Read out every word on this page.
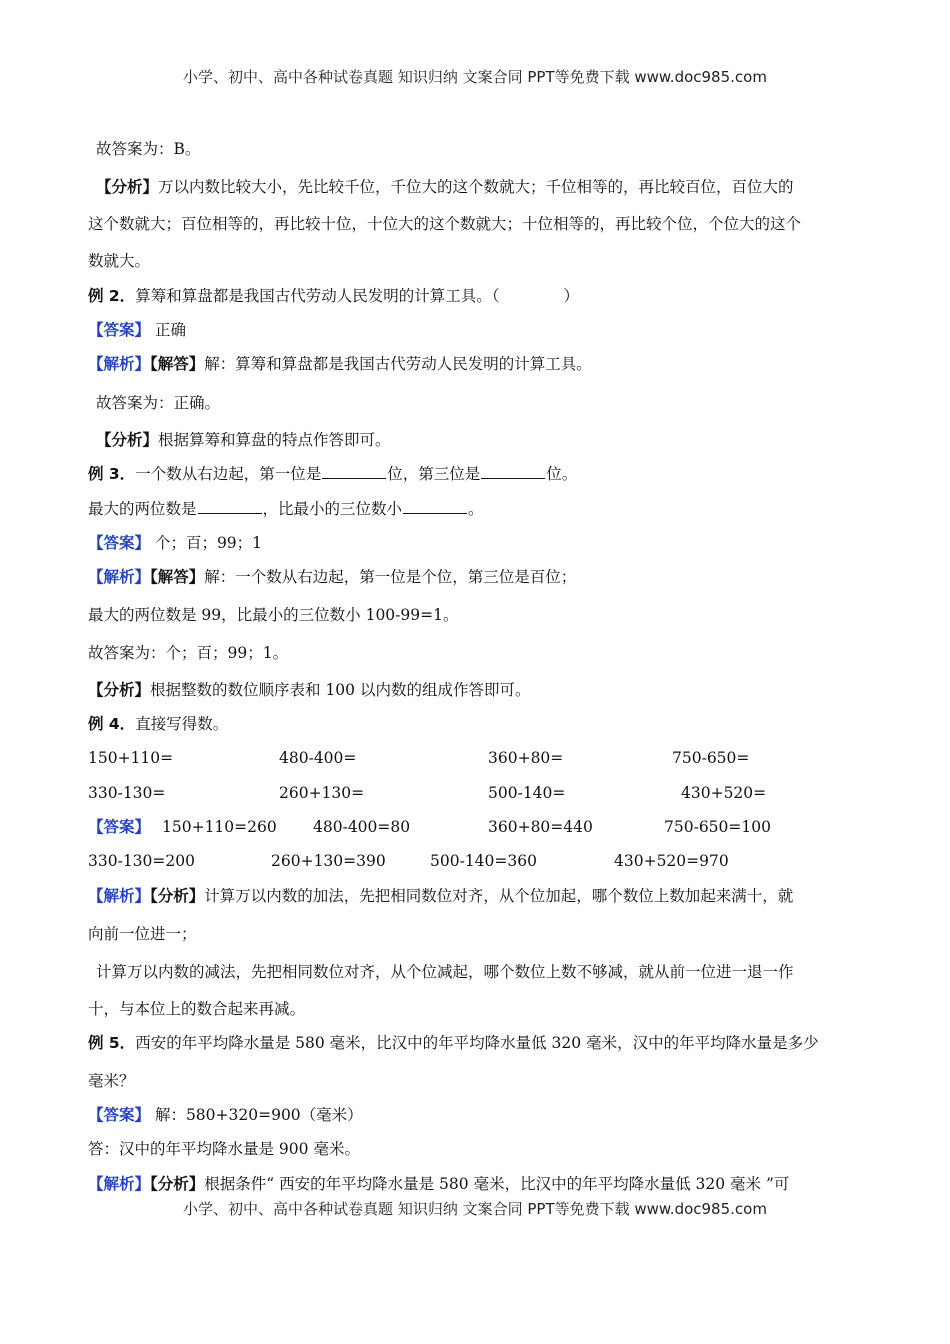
小学、初中、高中各种试卷真题 知识归纳 文案合同 PPT等免费下载 www.doc985.com
故答案为：B。
【分析】万以内数比较大小，先比较千位，千位大的这个数就大；千位相等的，再比较百位，百位大的
这个数就大；百位相等的，再比较十位，十位大的这个数就大；十位相等的，再比较个位，个位大的这个
数就大。
例 2．算筹和算盘都是我国古代劳动人民发明的计算工具。（	）
【答案】 正确
【解析】【解答】解：算筹和算盘都是我国古代劳动人民发明的计算工具。
故答案为：正确。
【分析】根据算筹和算盘的特点作答即可。
例 3．一个数从右边起，第一位是	位，第三位是	位。
最大的两位数是	，比最小的三位数小	。
【答案】 个；百；99；1
【解析】【解答】解：一个数从右边起，第一位是个位，第三位是百位；
最大的两位数是 99，比最小的三位数小 100-99=1。
故答案为：个；百；99；1。
【分析】根据整数的数位顺序表和 100 以内数的组成作答即可。
例 4．直接写得数。
150+110=	480-400=	360+80=	750-650=
330-130=	260+130=	500-140=	430+520=
【答案】 150+110=260 480-400=80	360+80=440	750-650=100
330-130=200	260+130=390	500-140=360	430+520=970
【解析】【分析】计算万以内数的加法，先把相同数位对齐，从个位加起，哪个数位上数加起来满十，就
向前一位进一；
计算万以内数的减法，先把相同数位对齐，从个位减起，哪个数位上数不够减，就从前一位进一退一作
十，与本位上的数合起来再减。
例 5．西安的年平均降水量是 580 毫米，比汉中的年平均降水量低 320 毫米，汉中的年平均降水量是多少
毫米？
【答案】 解：580+320=900（毫米）
答：汉中的年平均降水量是 900 毫米。
【解析】【分析】根据条件“ 西安的年平均降水量是 580 毫米，比汉中的年平均降水量低 320 毫米 ”可
小学、初中、高中各种试卷真题 知识归纳 文案合同 PPT等免费下载 www.doc985.com
